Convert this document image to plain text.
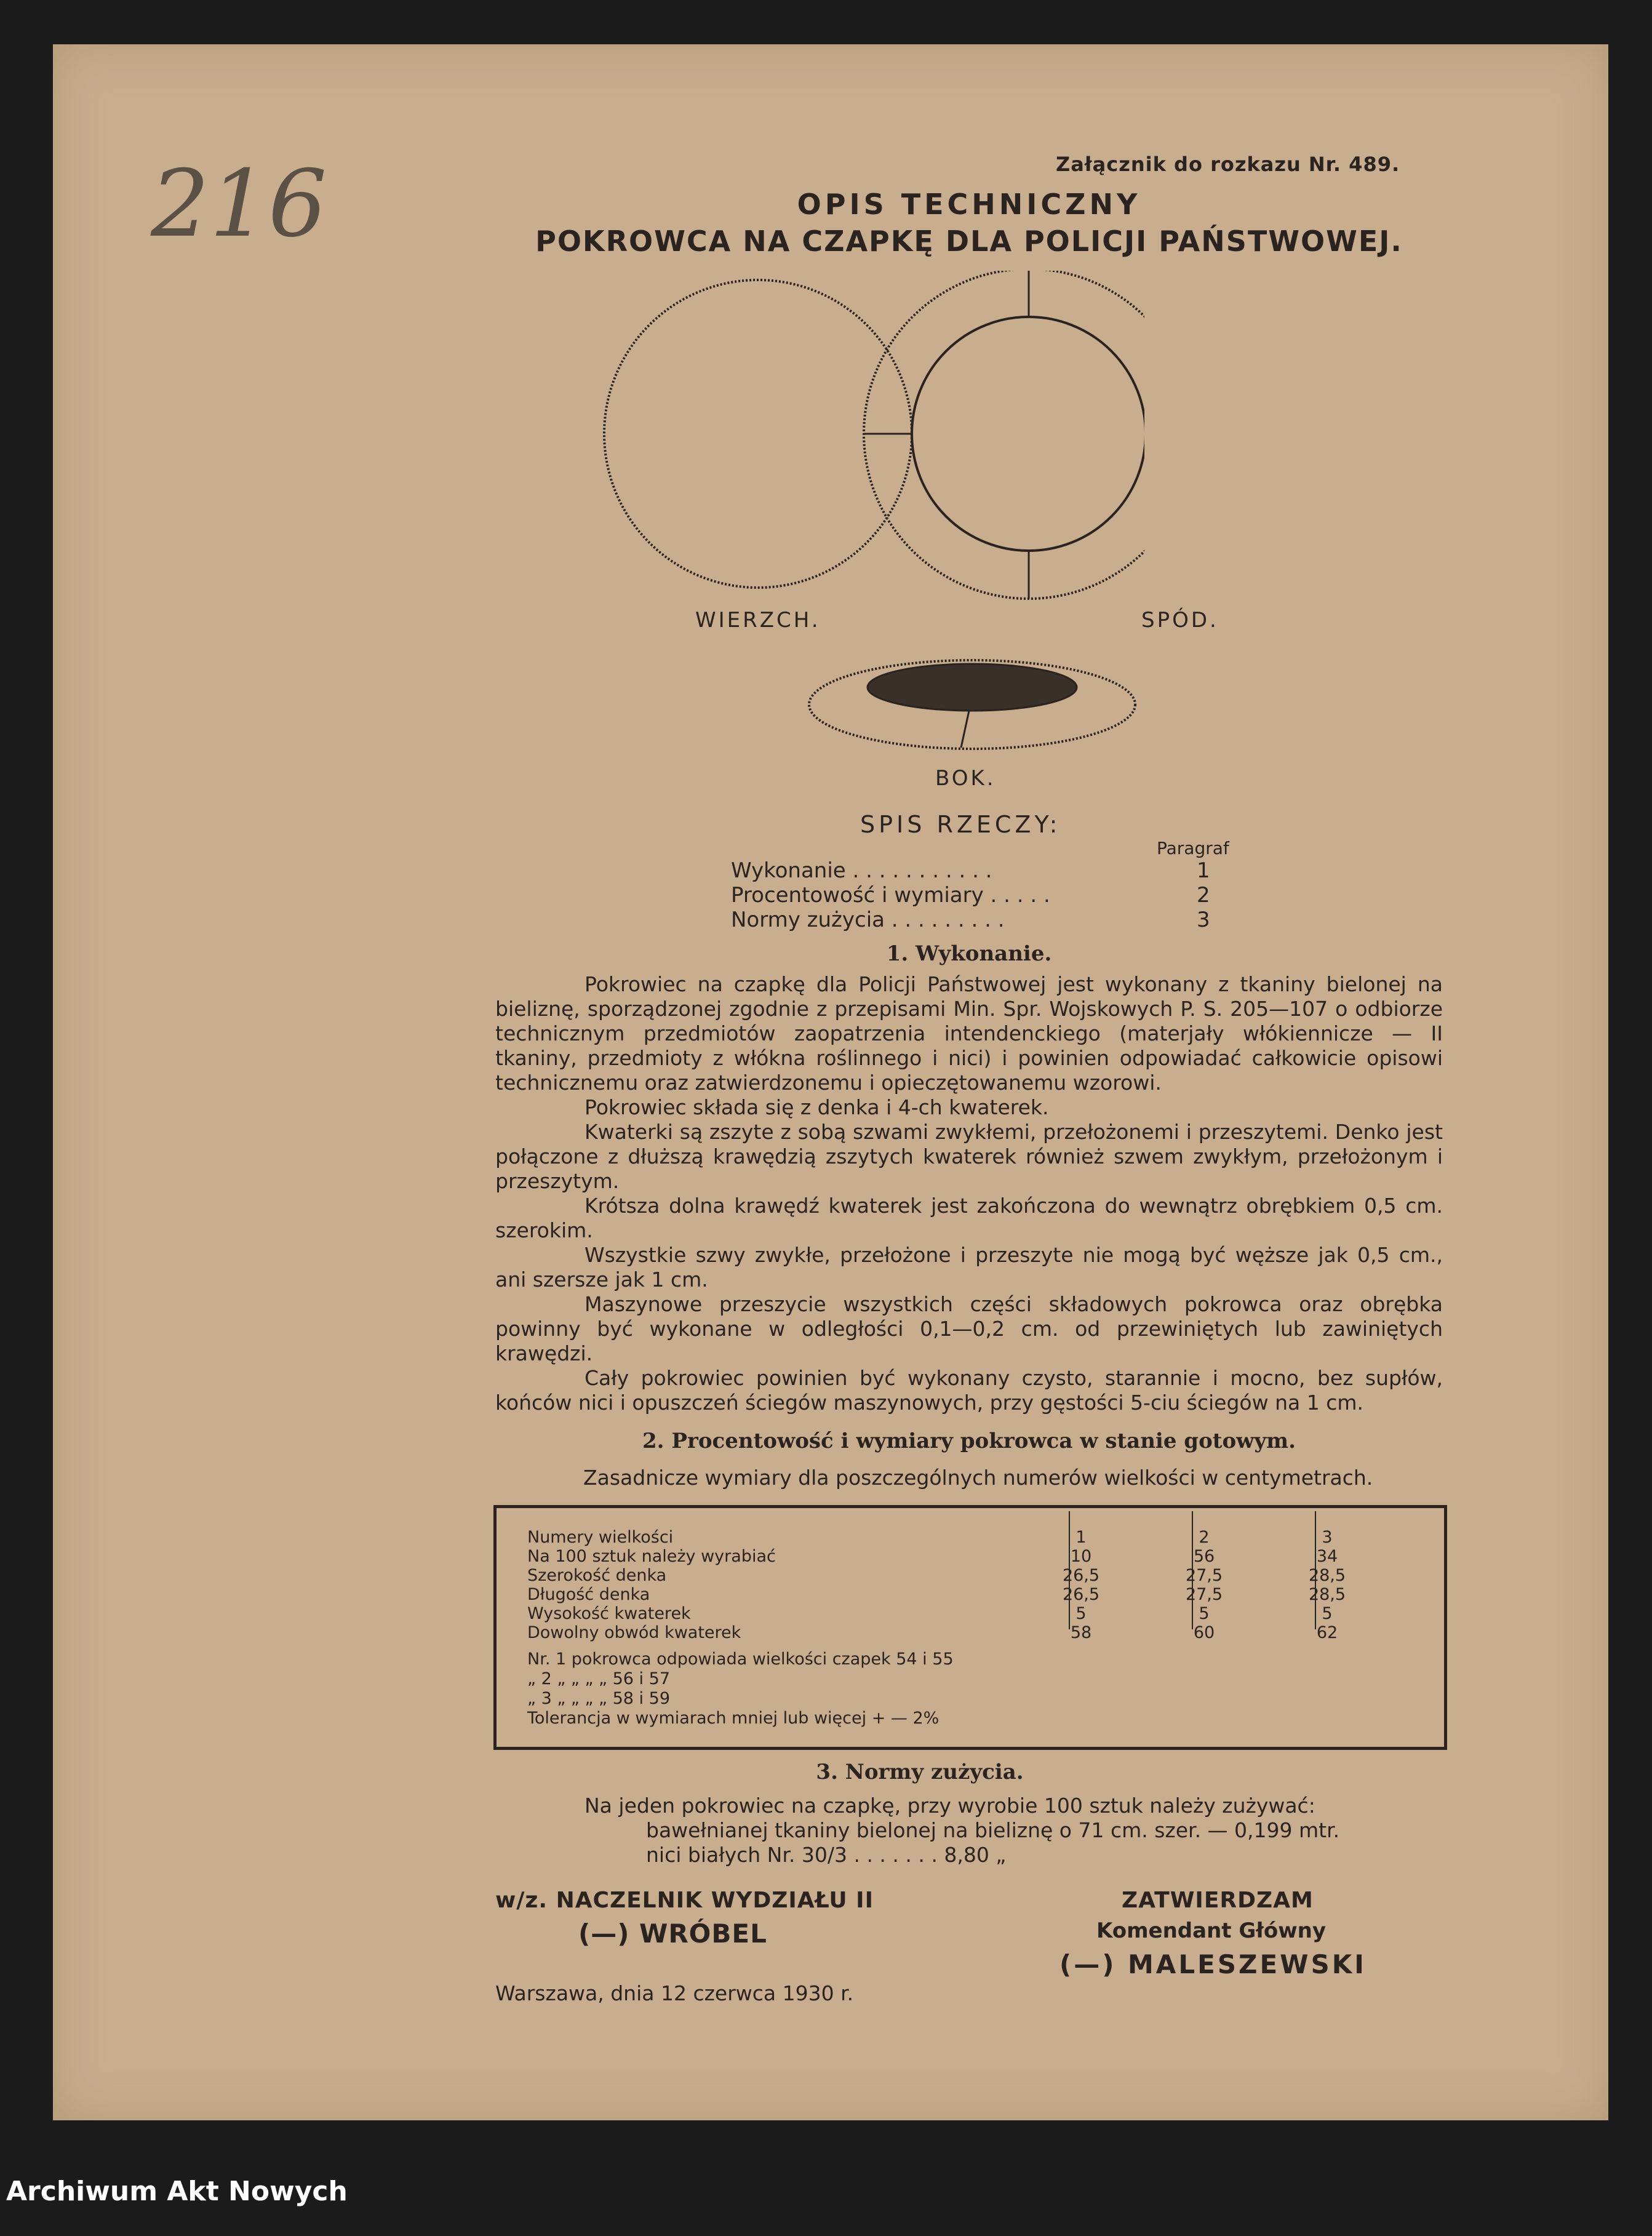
216	Załącznik do rozkazu Nr. 489.
OPIS TECHNICZNY
POKROWCA NA CZAPKĘ DLA POLICJI PAŃSTWOWEJ.
WIERZCH.	SPÓD.
BOK.
SPIS RZECZY:
Paragraf
Wykonanie . . . . . . . . . . .	1
Procentowość i wymiary . . . . .	2
Normy zużycia . . . . . . . . .	3
1. Wykonanie.

Pokrowiec na czapkę dla Policji Państwowej jest wykonany z tkaniny bielonej na bieliznę, sporządzonej zgodnie z przepisami Min. Spr. Wojskowych P. S. 205—107 o odbiorze technicznym przedmiotów zaopatrzenia intendenckiego (materjały włókiennicze — II tkaniny, przedmioty z włókna roślinnego i nici) i powinien odpowiadać całkowicie opisowi technicznemu oraz zatwierdzonemu i opieczętowanemu wzorowi.

Pokrowiec składa się z denka i 4-ch kwaterek.

Kwaterki są zszyte z sobą szwami zwykłemi, przełożonemi i przeszytemi. Denko jest połączone z dłuższą krawędzią zszytych kwaterek również szwem zwykłym, przełożonym i przeszytym.

Krótsza dolna krawędź kwaterek jest zakończona do wewnątrz obrębkiem 0,5 cm. szerokim.

Wszystkie szwy zwykłe, przełożone i przeszyte nie mogą być węższe jak 0,5 cm., ani szersze jak 1 cm.

Maszynowe przeszycie wszystkich części składowych pokrowca oraz obrębka powinny być wykonane w odległości 0,1—0,2 cm. od przewiniętych lub zawiniętych krawędzi.

Cały pokrowiec powinien być wykonany czysto, starannie i mocno, bez supłów, końców nici i opuszczeń ściegów maszynowych, przy gęstości 5-ciu ściegów na 1 cm.

2. Procentowość i wymiary pokrowca w stanie gotowym.
Zasadnicze wymiary dla poszczególnych numerów wielkości w centymetrach.
Numery wielkości	1	2	3
Na 100 sztuk należy wyrabiać	10	56	34
Szerokość denka	26,5	27,5	28,5
Długość denka	26,5	27,5	28,5
Wysokość kwaterek	5	5	5
Dowolny obwód kwaterek	58	60	62
Nr. 1 pokrowca odpowiada wielkości czapek 54 i 55
„ 2 „ „ „ „ 56 i 57
„ 3 „ „ „ „ 58 i 59
Tolerancja w wymiarach mniej lub więcej + — 2%
3. Normy zużycia.
Na jeden pokrowiec na czapkę, przy wyrobie 100 sztuk należy zużywać:
bawełnianej tkaniny bielonej na bieliznę o 71 cm. szer. — 0,199 mtr.
nici białych Nr. 30/3 . . . . . . . 8,80 „
w/z. NACZELNIK WYDZIAŁU II
(—) WRÓBEL
ZATWIERDZAM
Komendant Główny
(—) MALESZEWSKI
Warszawa, dnia 12 czerwca 1930 r.
Archiwum Akt Nowych
